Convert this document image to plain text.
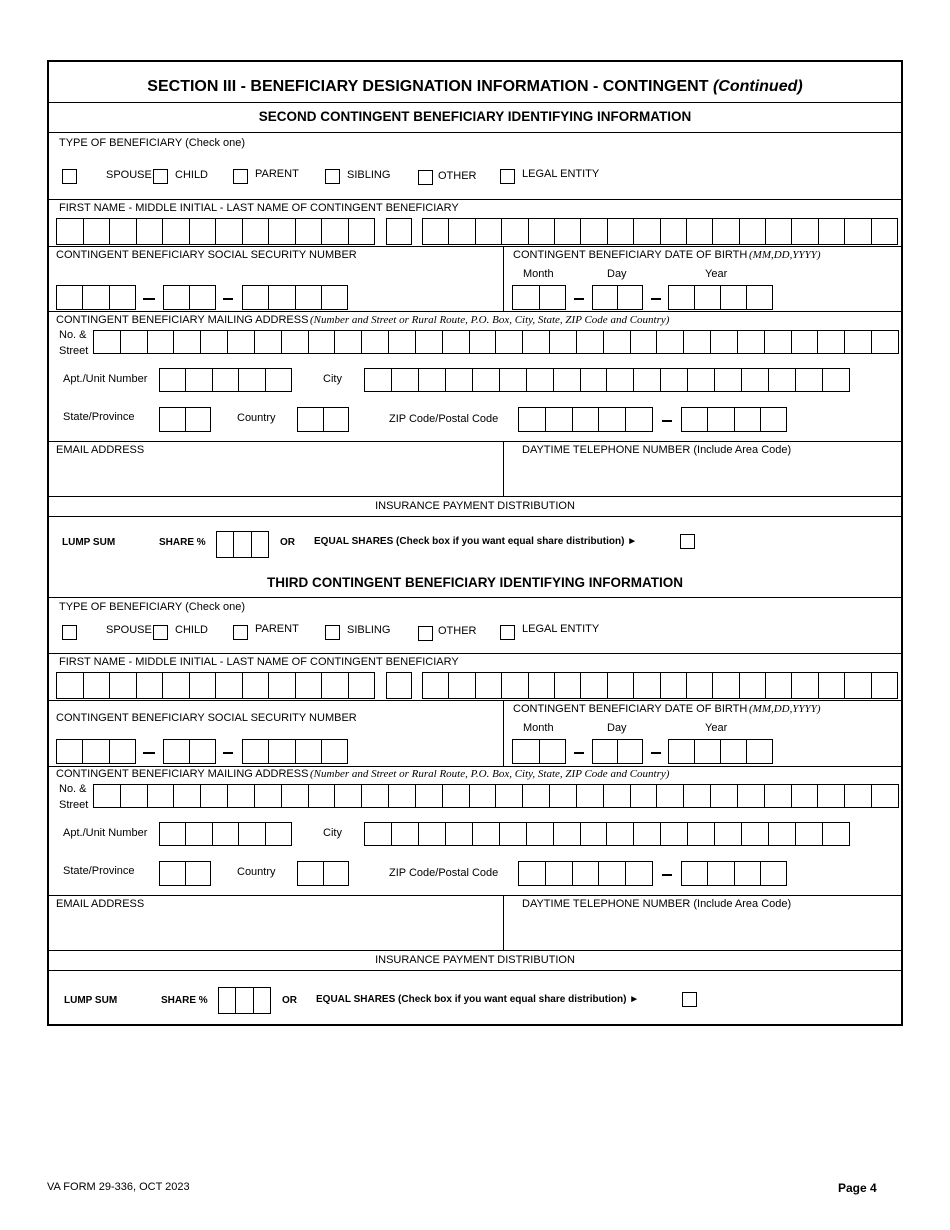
SECTION III - BENEFICIARY DESIGNATION INFORMATION - CONTINGENT (Continued)
SECOND CONTINGENT BENEFICIARY IDENTIFYING INFORMATION
TYPE OF BENEFICIARY (Check one)
SPOUSE CHILD	PARENT	SIBLING	OTHER	LEGAL ENTITY
FIRST NAME - MIDDLE INITIAL - LAST NAME OF CONTINGENT BENEFICIARY
CONTINGENT BENEFICIARY SOCIAL SECURITY NUMBER	CONTINGENT BENEFICIARY DATE OF BIRTH (MM,DD,YYYY)
Month	Day	Year
CONTINGENT BENEFICIARY MAILING ADDRESS (Number and Street or Rural Route, P.O. Box, City, State, ZIP Code and Country)
No. &
Street
Apt./Unit Number	City
State/Province	Country	ZIP Code/Postal Code
EMAIL ADDRESS	DAYTIME TELEPHONE NUMBER (Include Area Code)
INSURANCE PAYMENT DISTRIBUTION
LUMP SUM	SHARE %	OR EQUAL SHARES (Check box if you want equal share distribution) ►
THIRD CONTINGENT BENEFICIARY IDENTIFYING INFORMATION
TYPE OF BENEFICIARY (Check one)
SPOUSE CHILD	PARENT	SIBLING	OTHER	LEGAL ENTITY
FIRST NAME - MIDDLE INITIAL - LAST NAME OF CONTINGENT BENEFICIARY
CONTINGENT BENEFICIARY SOCIAL SECURITY NUMBER
CONTINGENT BENEFICIARY DATE OF BIRTH (MM,DD,YYYY)
Month	Day	Year
CONTINGENT BENEFICIARY MAILING ADDRESS (Number and Street or Rural Route, P.O. Box, City, State, ZIP Code and Country)
No. &
Street
Apt./Unit Number	City
State/Province	Country	ZIP Code/Postal Code
EMAIL ADDRESS	DAYTIME TELEPHONE NUMBER (Include Area Code)
INSURANCE PAYMENT DISTRIBUTION
LUMP SUM	SHARE %	OR EQUAL SHARES (Check box if you want equal share distribution) ►
VA FORM 29-336, OCT 2023	Page 4
